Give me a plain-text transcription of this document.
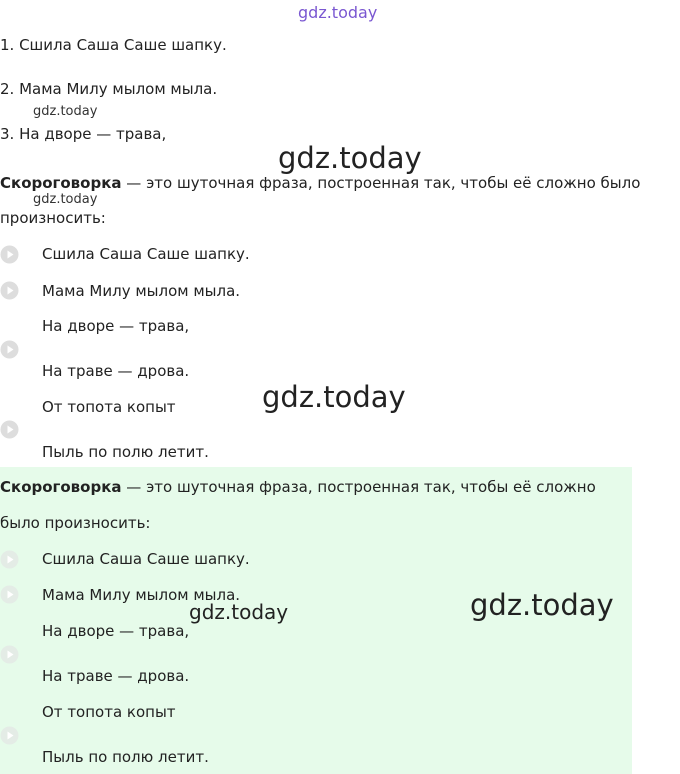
gdz.today
gdz.today
gdz.today
gdz.today
gdz.today
gdz.today
gdz.today
1. Сшила Саша Саше шапку.
2. Мама Милу мылом мыла.
3. На дворе — трава,
Скороговорка — это шуточная фраза, построенная так, чтобы её сложно было
произносить:
Сшила Саша Саше шапку.
Мама Милу мылом мыла.
На дворе — трава,
На траве — дрова.
От топота копыт
Пыль по полю летит.
Скороговорка — это шуточная фраза, построенная так, чтобы её сложно
было произносить:
Сшила Саша Саше шапку.
Мама Милу мылом мыла.
На дворе — трава,
На траве — дрова.
От топота копыт
Пыль по полю летит.
